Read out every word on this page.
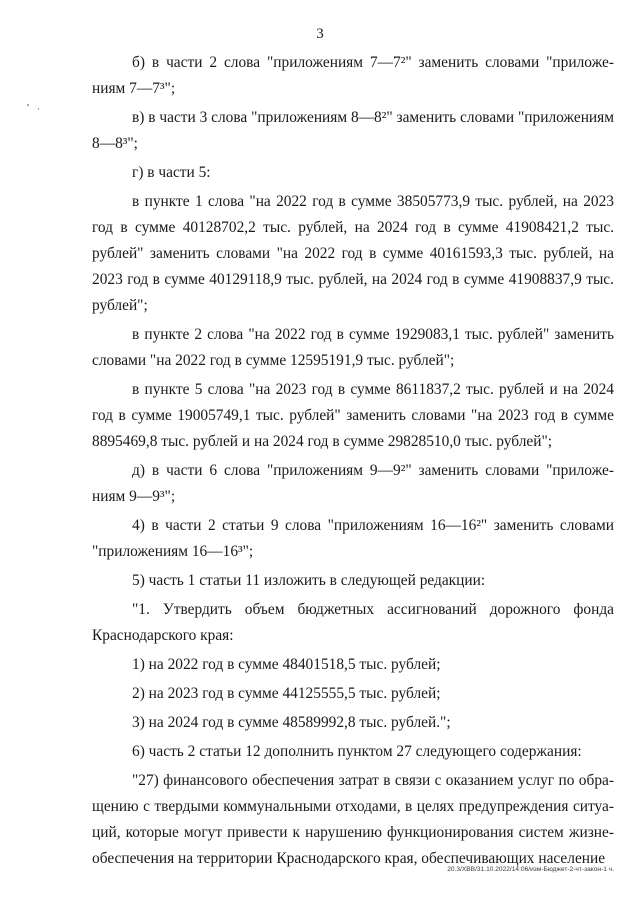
3

б) в части 2 слова "приложениям 7—7²" заменить словами "приложениям 7—7³";

в) в части 3 слова "приложениям 8—8²" заменить словами "приложениям 8—8³";

г) в части 5:

в пункте 1 слова "на 2022 год в сумме 38505773,9 тыс. рублей, на 2023 год в сумме 40128702,2 тыс. рублей, на 2024 год в сумме 41908421,2 тыс. рублей" заменить словами "на 2022 год в сумме 40161593,3 тыс. рублей, на 2023 год в сумме 40129118,9 тыс. рублей, на 2024 год в сумме 41908837,9 тыс. рублей";

в пункте 2 слова "на 2022 год в сумме 1929083,1 тыс. рублей" заменить словами "на 2022 год в сумме 12595191,9 тыс. рублей";

в пункте 5 слова "на 2023 год в сумме 8611837,2 тыс. рублей и на 2024 год в сумме 19005749,1 тыс. рублей" заменить словами "на 2023 год в сумме 8895469,8 тыс. рублей и на 2024 год в сумме 29828510,0 тыс. рублей";

д) в части 6 слова "приложениям 9—9²" заменить словами "приложениям 9—9³";

4) в части 2 статьи 9 слова "приложениям 16—16²" заменить словами "приложениям 16—16³";

5) часть 1 статьи 11 изложить в следующей редакции:

"1. Утвердить объем бюджетных ассигнований дорожного фонда Краснодарского края:

1) на 2022 год в сумме 48401518,5 тыс. рублей;

2) на 2023 год в сумме 44125555,5 тыс. рублей;

3) на 2024 год в сумме 48589992,8 тыс. рублей.";

6) часть 2 статьи 12 дополнить пунктом 27 следующего содержания:

"27) финансового обеспечения затрат в связи с оказанием услуг по обращению с твердыми коммунальными отходами, в целях предупреждения ситуаций, которые могут привести к нарушению функционирования систем жизнеобеспечения на территории Краснодарского края, обеспечивающих население

20.3/ХВВ/31.10.2022/14:06/изм-Бюджет-2-чт-закон-1 ч.
